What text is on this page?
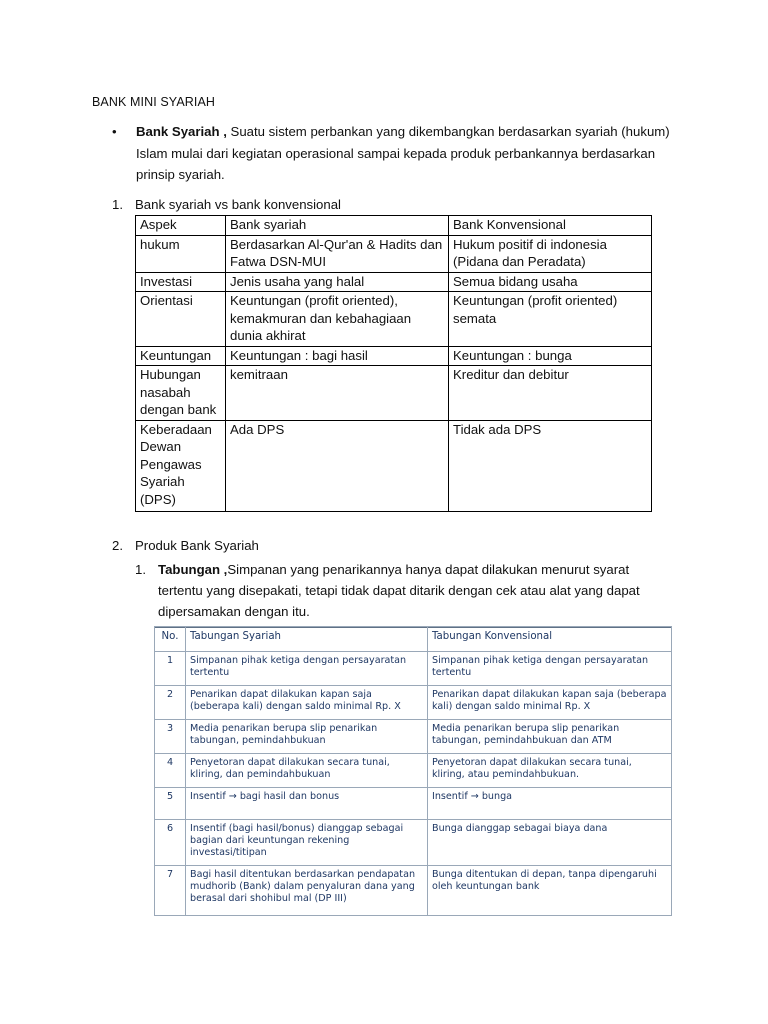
BANK MINI SYARIAH
• Bank Syariah , Suatu sistem perbankan yang dikembangkan berdasarkan syariah (hukum) Islam mulai dari kegiatan operasional sampai kepada produk perbankannya berdasarkan prinsip syariah.
1. Bank syariah vs bank konvensional
Aspek	Bank syariah	Bank Konvensional
hukum	Berdasarkan Al-Qur'an & Hadits dan Fatwa DSN-MUI	Hukum positif di indonesia (Pidana dan Peradata)
Investasi	Jenis usaha yang halal	Semua bidang usaha
Orientasi	Keuntungan (profit oriented), kemakmuran dan kebahagiaan dunia akhirat	Keuntungan (profit oriented) semata
Keuntungan	Keuntungan : bagi hasil	Keuntungan : bunga
Hubungan nasabah dengan bank	kemitraan	Kreditur dan debitur
Keberadaan Dewan Pengawas Syariah (DPS)	Ada DPS	Tidak ada DPS
2. Produk Bank Syariah
1. Tabungan ,Simpanan yang penarikannya hanya dapat dilakukan menurut syarat tertentu yang disepakati, tetapi tidak dapat ditarik dengan cek atau alat yang dapat dipersamakan dengan itu.
No.	Tabungan Syariah	Tabungan Konvensional
1	Simpanan pihak ketiga dengan persayaratan tertentu	Simpanan pihak ketiga dengan persayaratan tertentu
2	Penarikan dapat dilakukan kapan saja (beberapa kali) dengan saldo minimal Rp. X	Penarikan dapat dilakukan kapan saja (beberapa kali) dengan saldo minimal Rp. X
3	Media penarikan berupa slip penarikan tabungan, pemindahbukuan	Media penarikan berupa slip penarikan tabungan, pemindahbukuan dan ATM
4	Penyetoran dapat dilakukan secara tunai, kliring, dan pemindahbukuan	Penyetoran dapat dilakukan secara tunai, kliring, atau pemindahbukuan.
5	Insentif → bagi hasil dan bonus	Insentif → bunga
6	Insentif (bagi hasil/bonus) dianggap sebagai bagian dari keuntungan rekening investasi/titipan	Bunga dianggap sebagai biaya dana
7	Bagi hasil ditentukan berdasarkan pendapatan mudhorib (Bank) dalam penyaluran dana yang berasal dari shohibul mal (DP III)	Bunga ditentukan di depan, tanpa dipengaruhi oleh keuntungan bank
